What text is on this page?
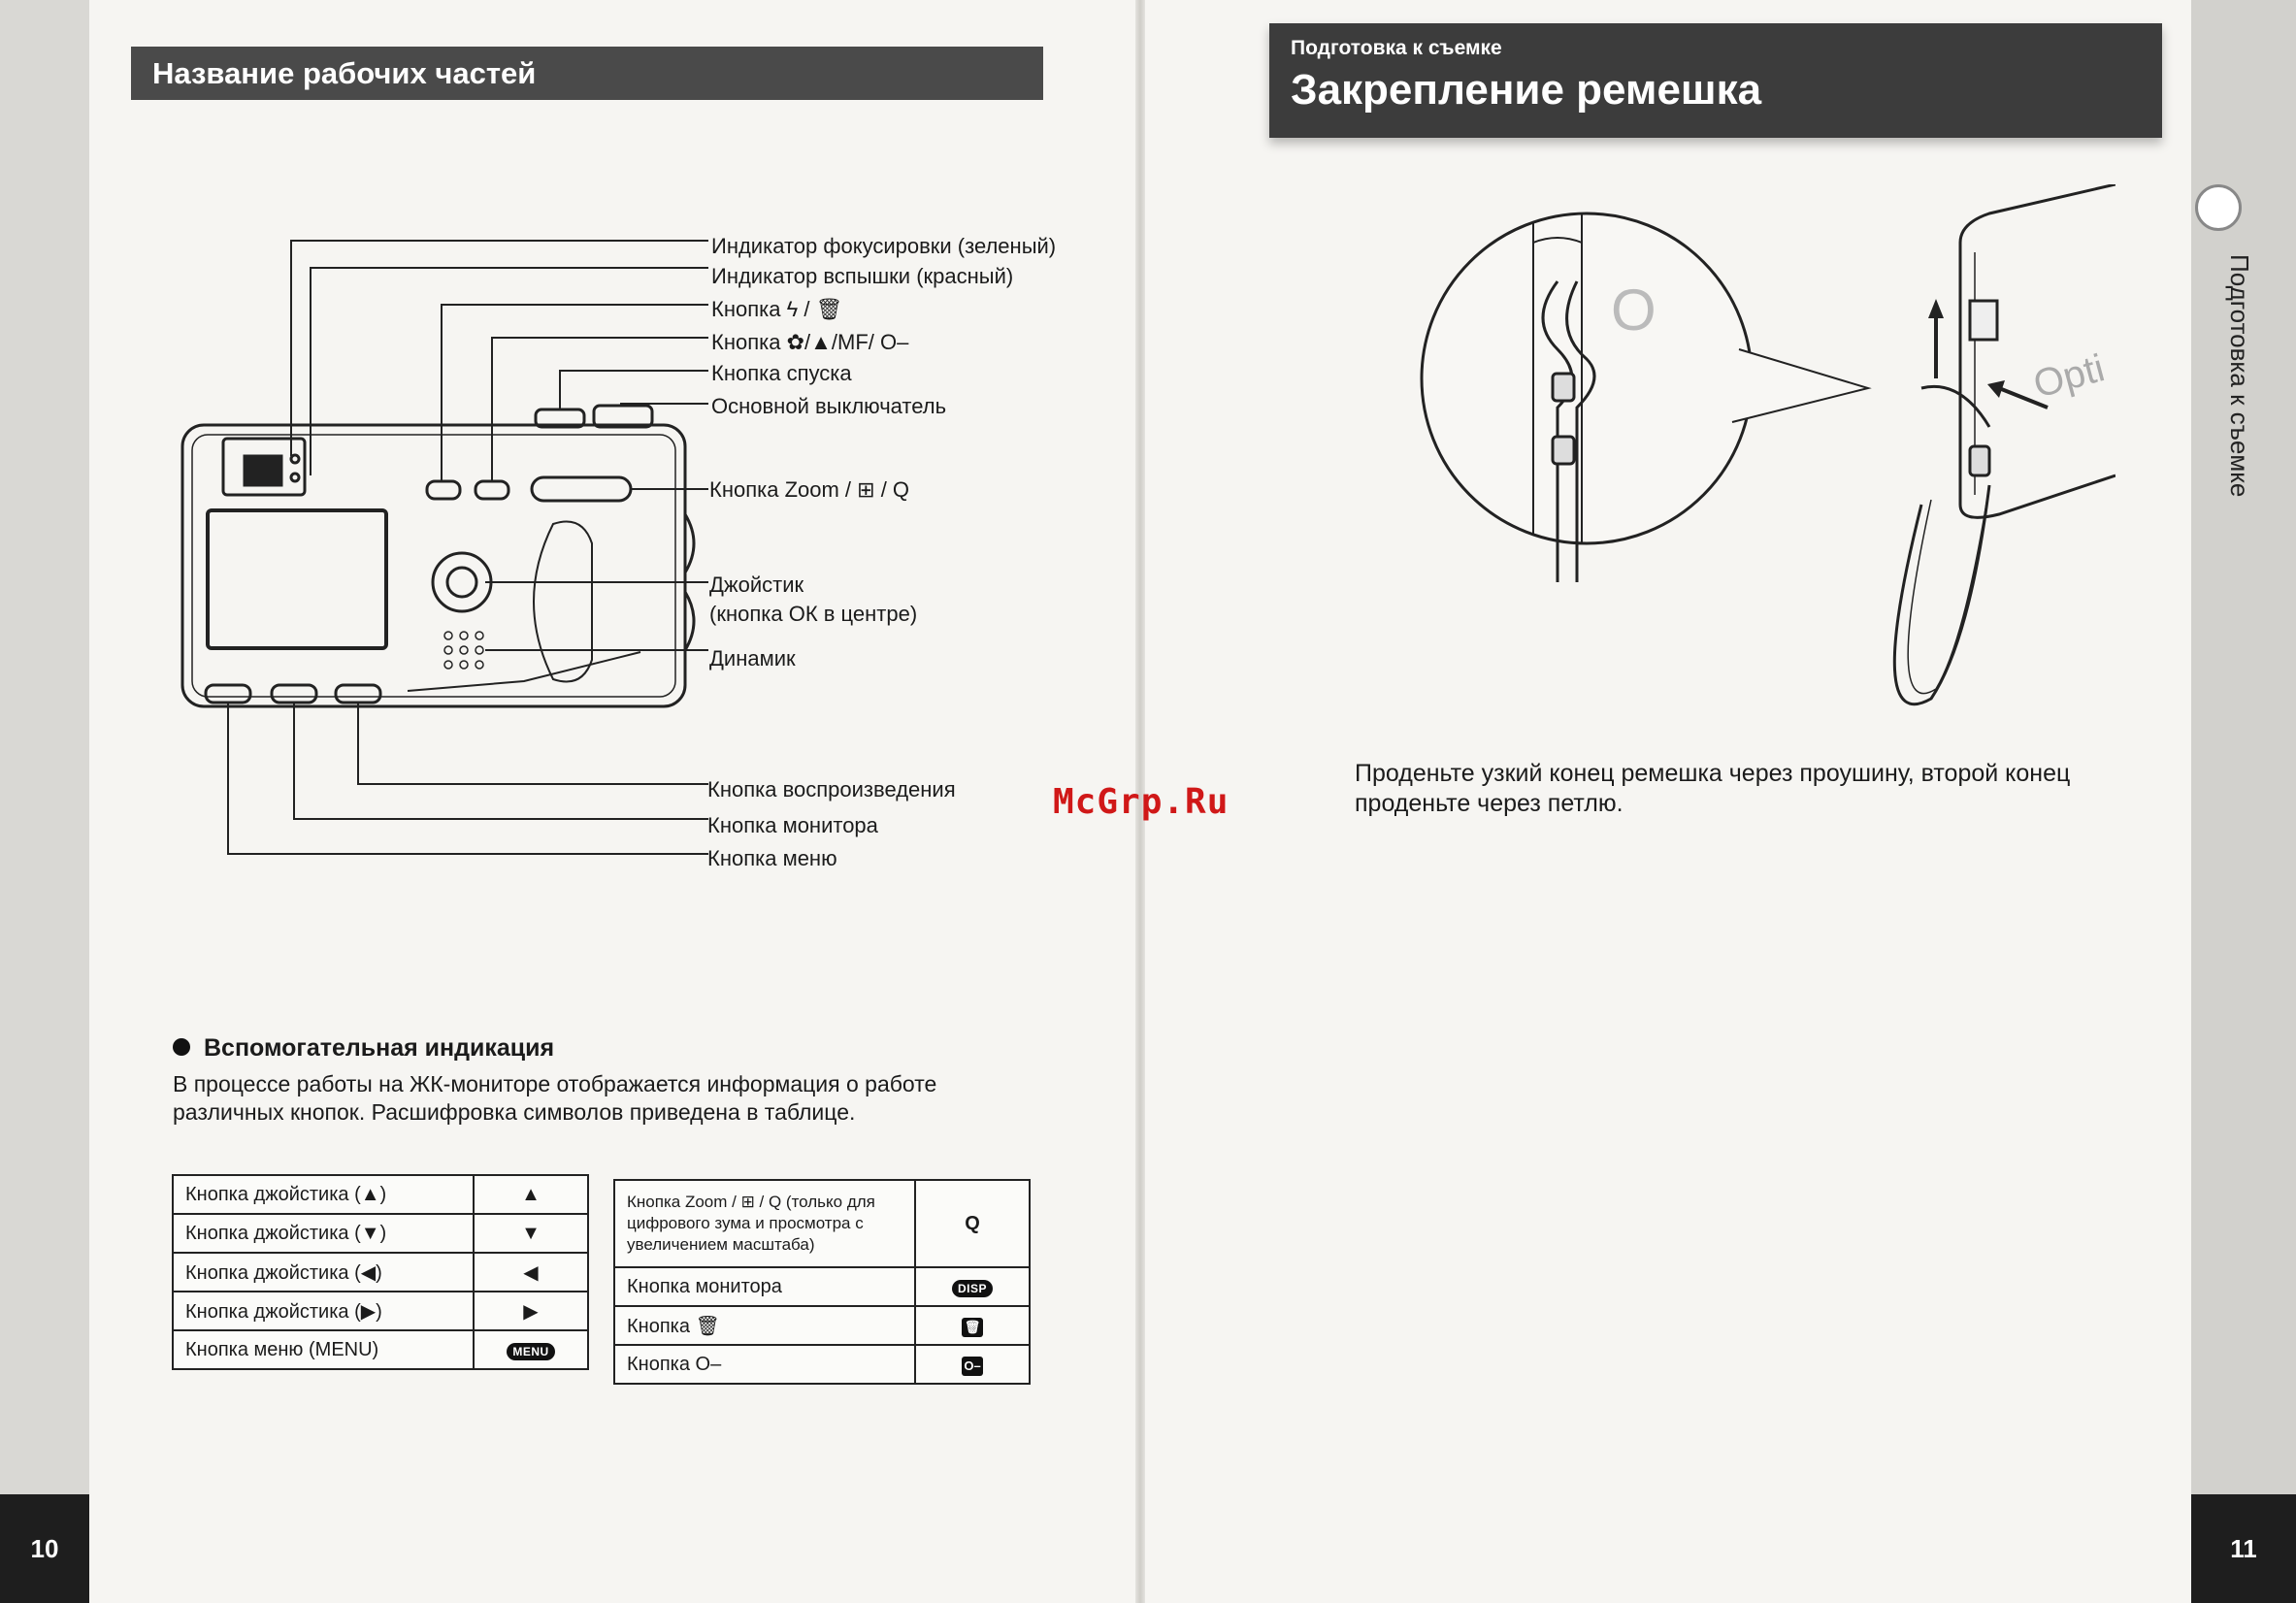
Название рабочих частей
Индикатор фокусировки (зеленый)
Индикатор вспышки (красный)
Кнопка ϟ / 🗑
Кнопка ✿/▲/MF/ O–
Кнопка спуска
Основной выключатель
Кнопка Zoom / ⊞ / Q
Джойстик
(кнопка ОК в центре)
Динамик
Кнопка воспроизведения
Кнопка монитора
Кнопка меню
Вспомогательная индикация
В процессе работы на ЖК-мониторе отображается информация о работе различных кнопок. Расшифровка символов приведена в таблице.
Кнопка джойстика (▲)	▲
Кнопка джойстика (▼)	▼
Кнопка джойстика (◀)	◀
Кнопка джойстика (▶)	▶
Кнопка меню (MENU)	MENU
Кнопка Zoom / ⊞ / Q (только для цифрового зума и просмотра с увеличением масштаба)	Q
Кнопка монитора	DISP
Кнопка 🗑	🗑
Кнопка O–	O–
10
Подготовка к съемке
Закрепление ремешка
O
Opti
Проденьте узкий конец ремешка через проушину, второй конец проденьте через петлю.
Подготовка к съемке
11
McGrp.Ru
